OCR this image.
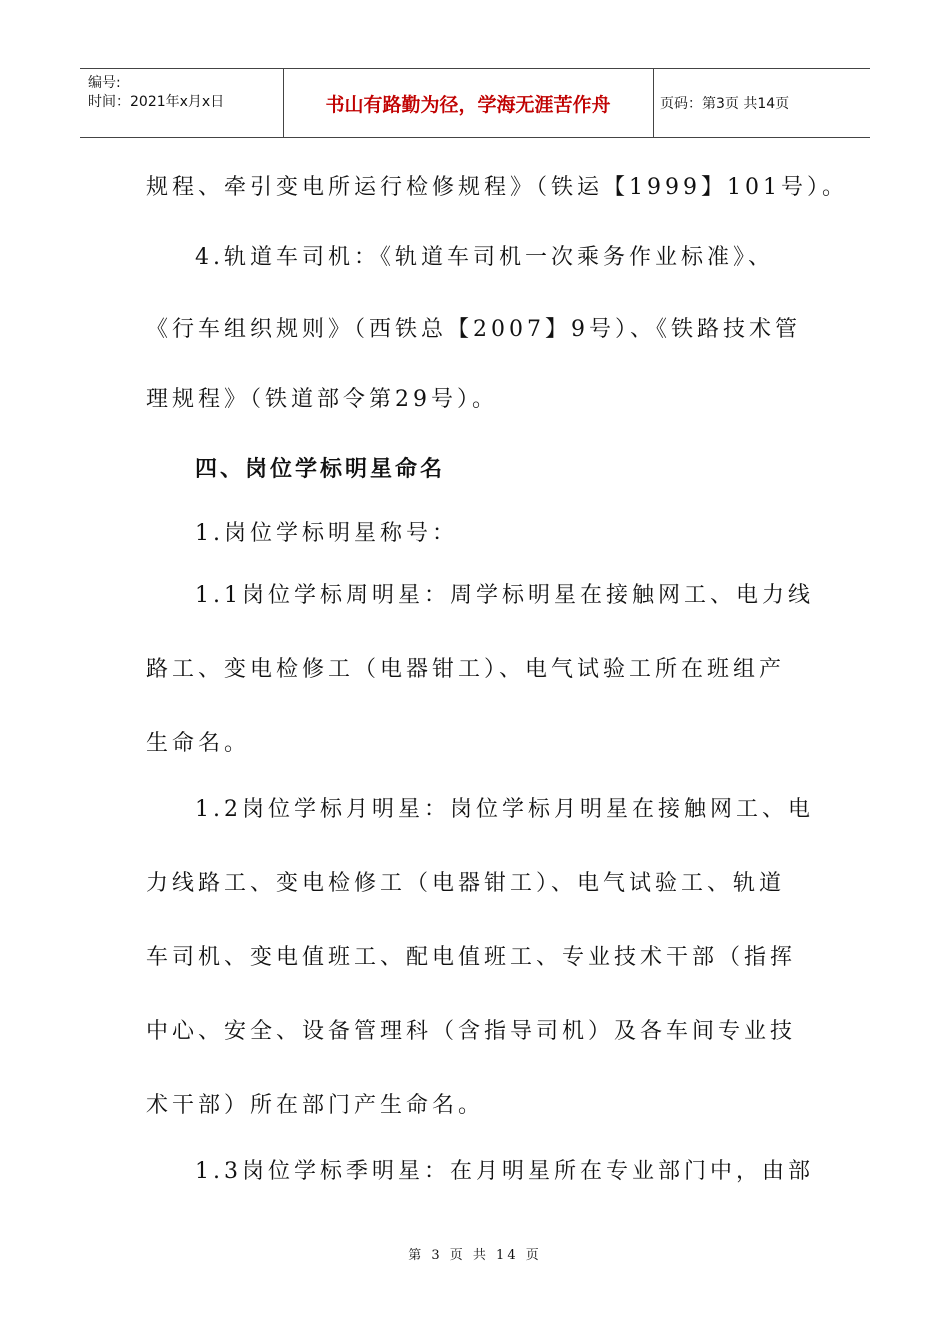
编号:
时间：2021年x月x日	书山有路勤为径，学海无涯苦作舟	页码：第3页 共14页
规程、牵引变电所运行检修规程》（铁运【1999】101号）。
4.轨道车司机：《轨道车司机一次乘务作业标准》、
《行车组织规则》（西铁总【2007】9号）、《铁路技术管
理规程》（铁道部令第29号）。
四、岗位学标明星命名
1.岗位学标明星称号：
1.1岗位学标周明星：周学标明星在接触网工、电力线
路工、变电检修工（电器钳工）、电气试验工所在班组产
生命名。
1.2岗位学标月明星：岗位学标月明星在接触网工、电
力线路工、变电检修工（电器钳工）、电气试验工、轨道
车司机、变电值班工、配电值班工、专业技术干部（指挥
中心、安全、设备管理科（含指导司机）及各车间专业技
术干部）所在部门产生命名。
1.3岗位学标季明星：在月明星所在专业部门中，由部
第 3 页 共 14 页
